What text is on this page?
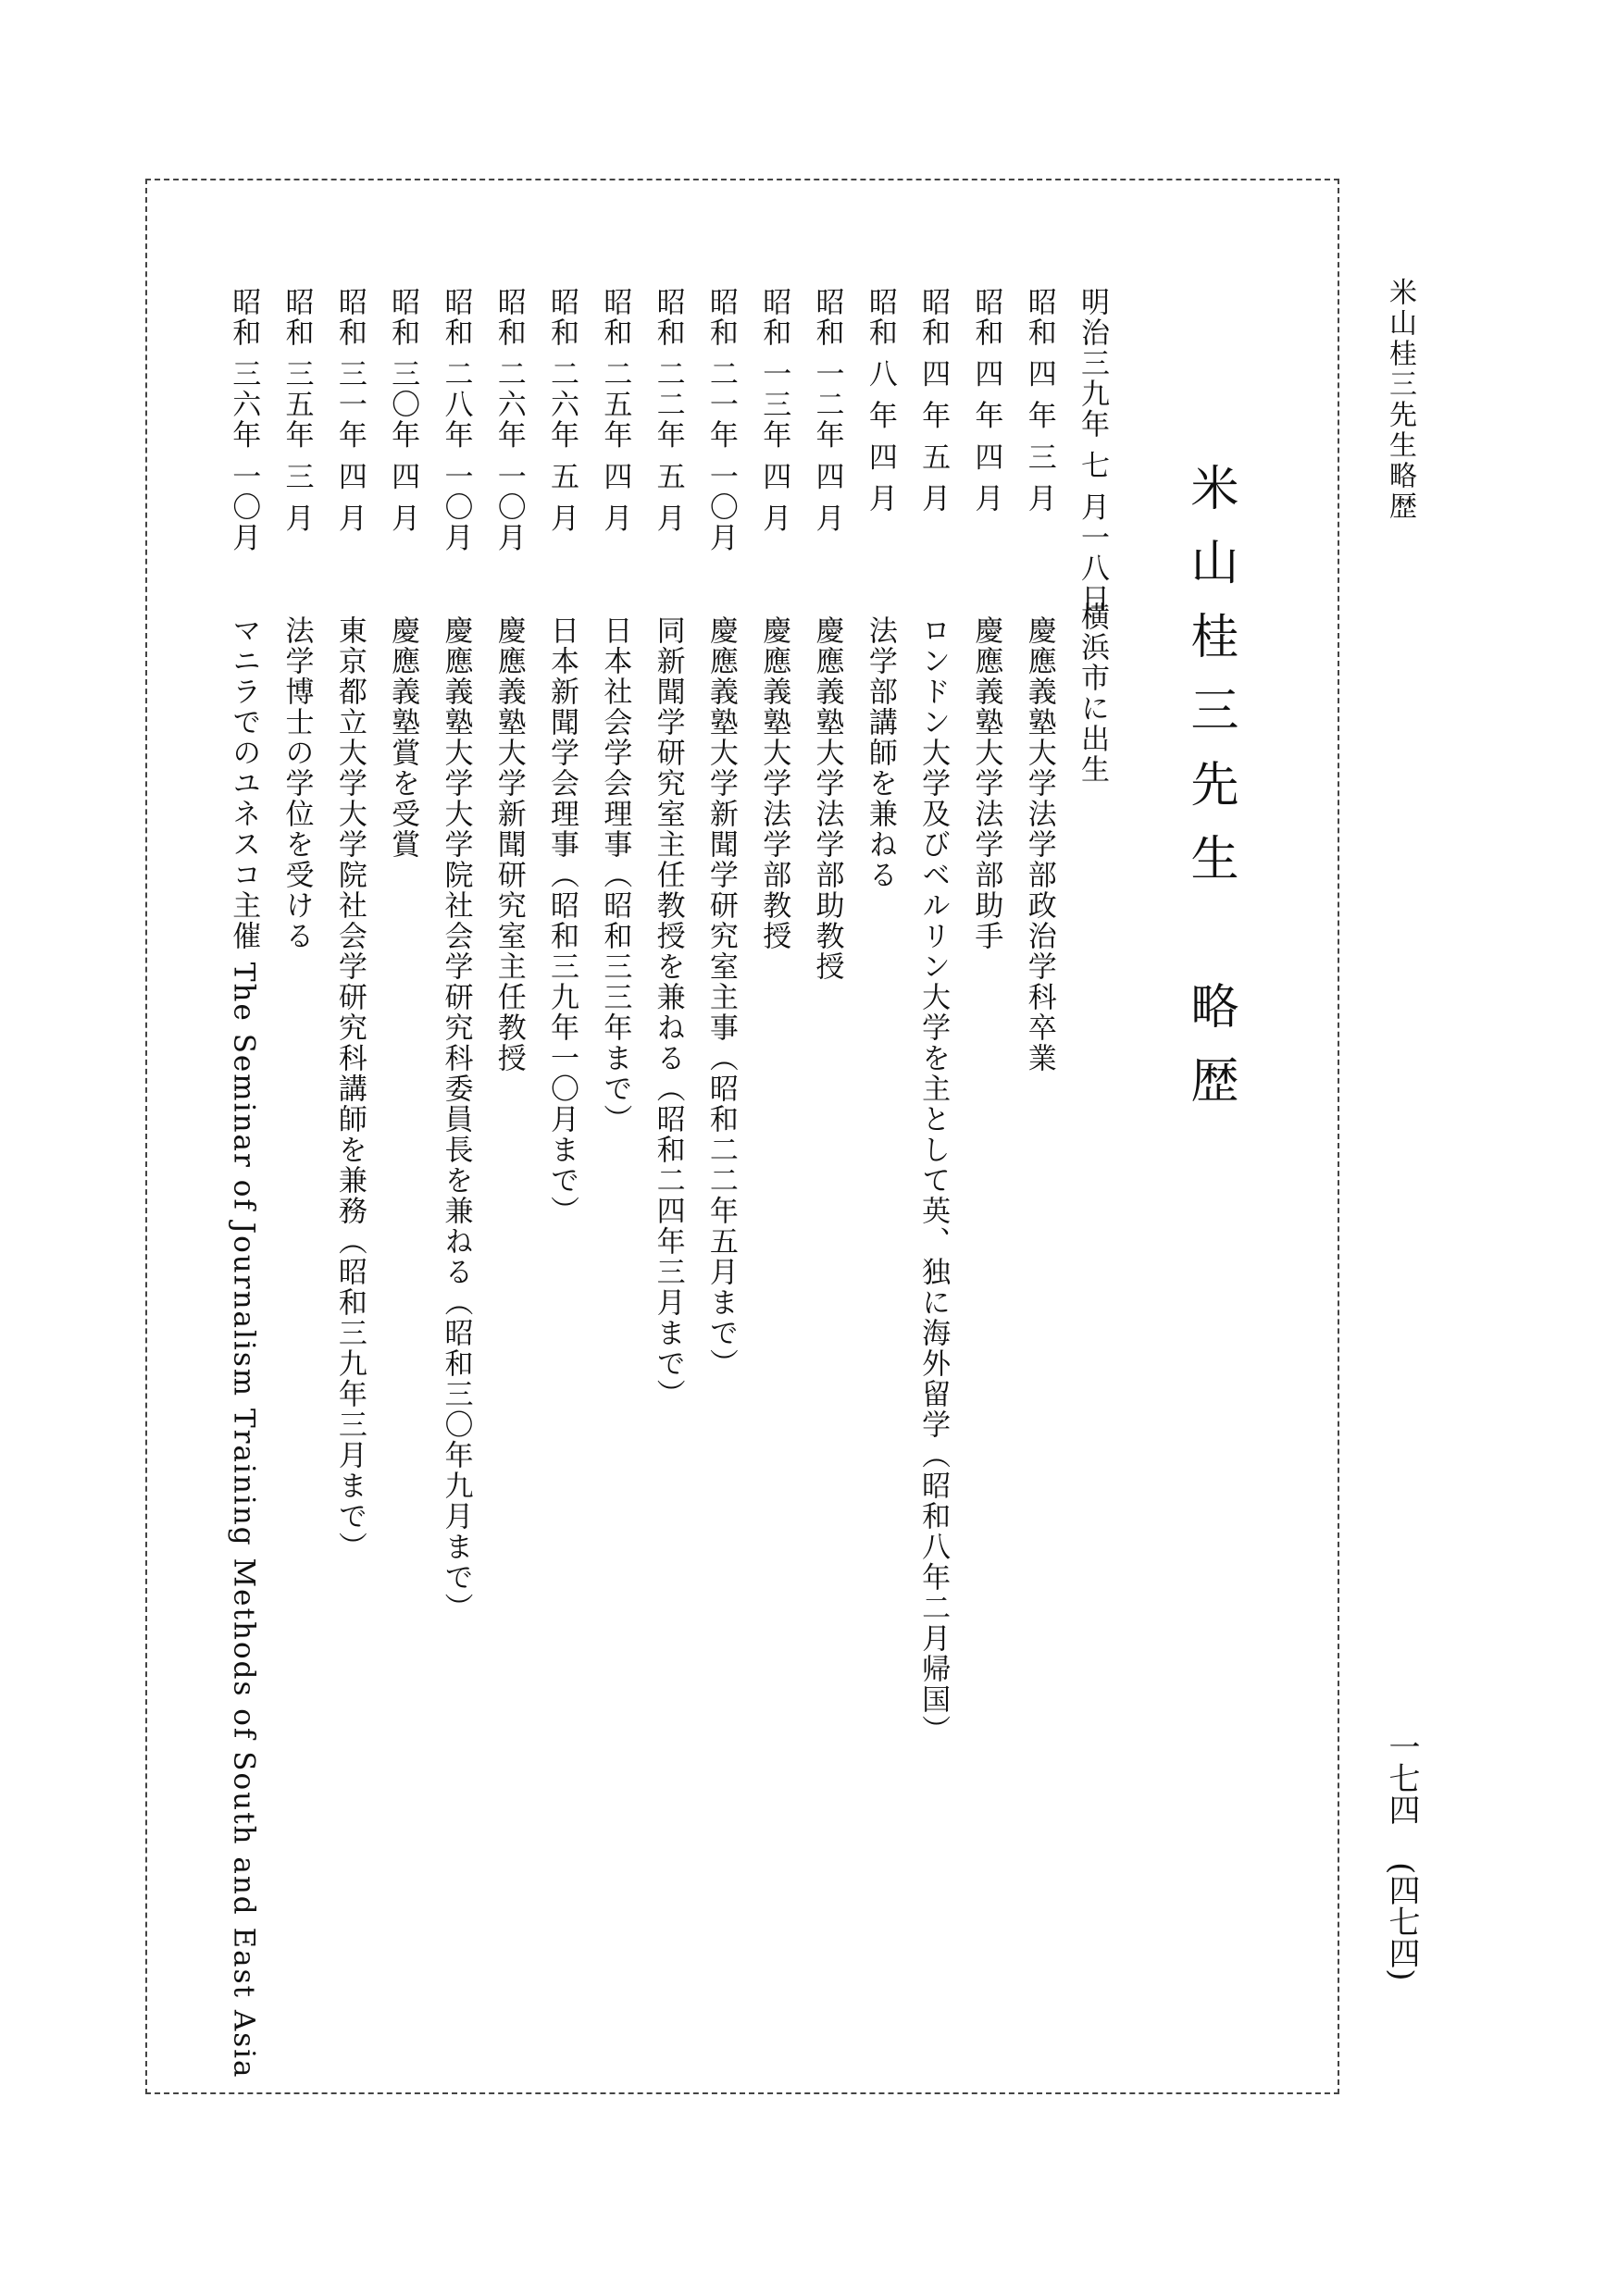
米山桂三先生略歴

一七四(四七四)

米山桂三先生　略歴
明治三九年 七 月一八日横浜市に出生
昭和 四 年 三 月慶應義塾大学法学部政治学科卒業
昭和 四 年 四 月慶應義塾大学法学部助手
昭和 四 年 五 月ロンドン大学及びベルリン大学を主として英、独に海外留学（昭和八年二月帰国）
昭和 八 年 四 月法学部講師を兼ねる
昭和 一二年 四 月慶應義塾大学法学部助教授
昭和 一三年 四 月慶應義塾大学法学部教授
昭和 二一年 一〇月慶應義塾大学新聞学研究室主事（昭和二二年五月まで）
昭和 二二年 五 月同新聞学研究室主任教授を兼ねる（昭和二四年三月まで）
昭和 二五年 四 月日本社会学会理事（昭和三三年まで）
昭和 二六年 五 月日本新聞学会理事（昭和三九年一〇月まで）
昭和 二六年 一〇月慶應義塾大学新聞研究室主任教授
昭和 二八年 一〇月慶應義塾大学大学院社会学研究科委員長を兼ねる（昭和三〇年九月まで）
昭和 三〇年 四 月慶應義塾賞を受賞
昭和 三一年 四 月東京都立大学大学院社会学研究科講師を兼務（昭和三九年三月まで）
昭和 三五年 三 月法学博士の学位を受ける
昭和 三六年 一〇月マニラでのユネスコ主催 The Seminar of Journalism Training Methods of South and East Asia
